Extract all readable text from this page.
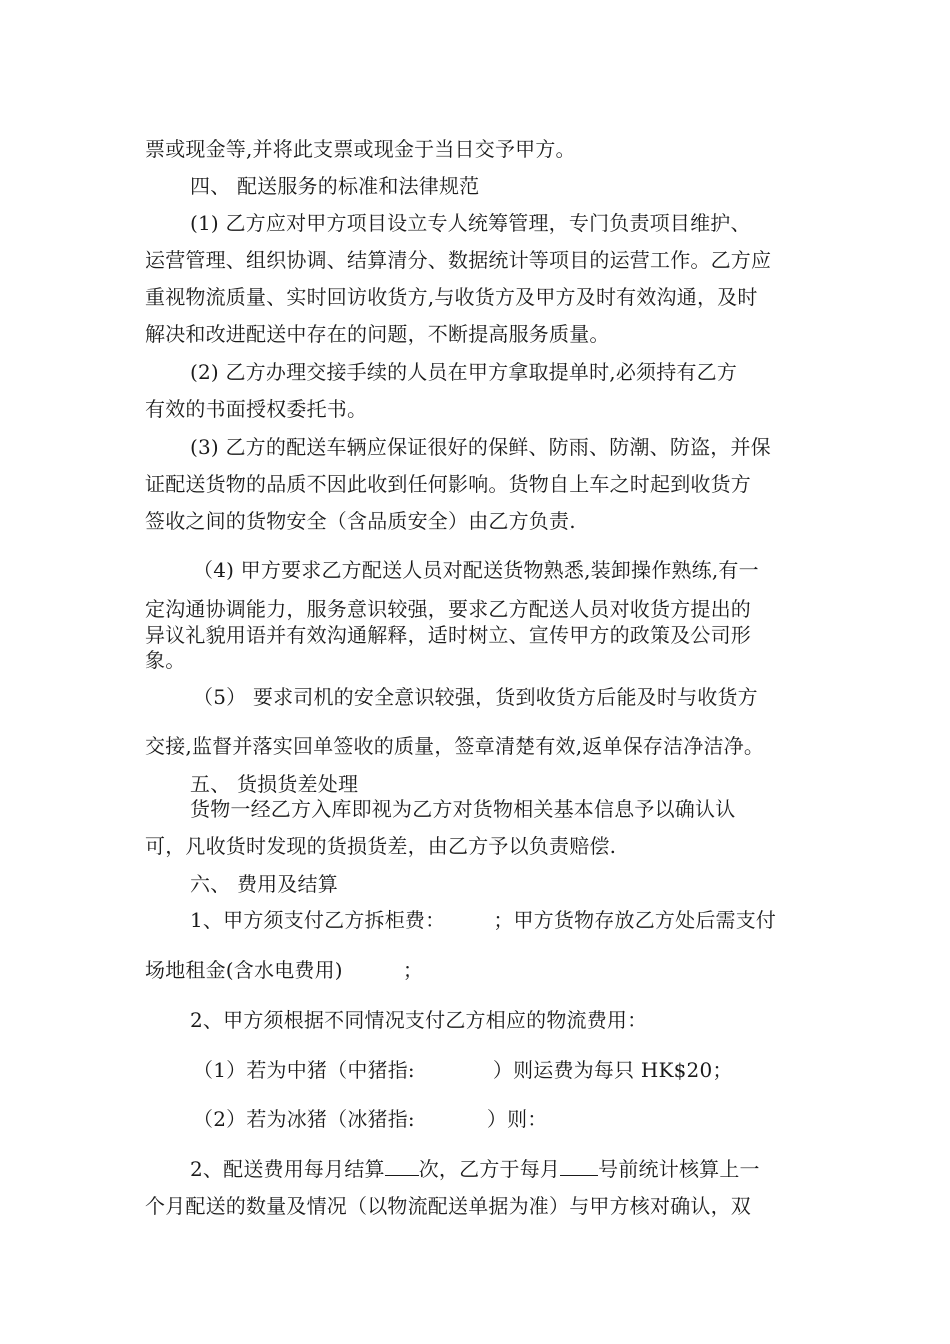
票或现金等,并将此支票或现金于当日交予甲方。
四、 配送服务的标准和法律规范
(1) 乙方应对甲方项目设立专人统筹管理，专门负责项目维护、
运营管理、组织协调、结算清分、数据统计等项目的运营工作。乙方应
重视物流质量、实时回访收货方,与收货方及甲方及时有效沟通，及时
解决和改进配送中存在的问题，不断提高服务质量。
(2) 乙方办理交接手续的人员在甲方拿取提单时,必须持有乙方
有效的书面授权委托书。
(3) 乙方的配送车辆应保证很好的保鲜、防雨、防潮、防盗，并保
证配送货物的品质不因此收到任何影响。货物自上车之时起到收货方
签收之间的货物安全（含品质安全）由乙方负责.
（4) 甲方要求乙方配送人员对配送货物熟悉,装卸操作熟练,有一
定沟通协调能力，服务意识较强，要求乙方配送人员对收货方提出的
异议礼貌用语并有效沟通解释，适时树立、宣传甲方的政策及公司形
象。
（5） 要求司机的安全意识较强，货到收货方后能及时与收货方
交接,监督并落实回单签收的质量，签章清楚有效,返单保存洁净洁净。
五、 货损货差处理
货物一经乙方入库即视为乙方对货物相关基本信息予以确认认
可，凡收货时发现的货损货差，由乙方予以负责赔偿.
六、 费用及结算
1、甲方须支付乙方拆柜费： ；甲方货物存放乙方处后需支付
场地租金(含水电费用)	；
2、甲方须根据不同情况支付乙方相应的物流费用：
（1）若为中猪（中猪指:	）则运费为每只 HK$20；
（2）若为冰猪（冰猪指:	）则：
2、配送费用每月结算 次，乙方于每月 号前统计核算上一
个月配送的数量及情况（以物流配送单据为准）与甲方核对确认，双
